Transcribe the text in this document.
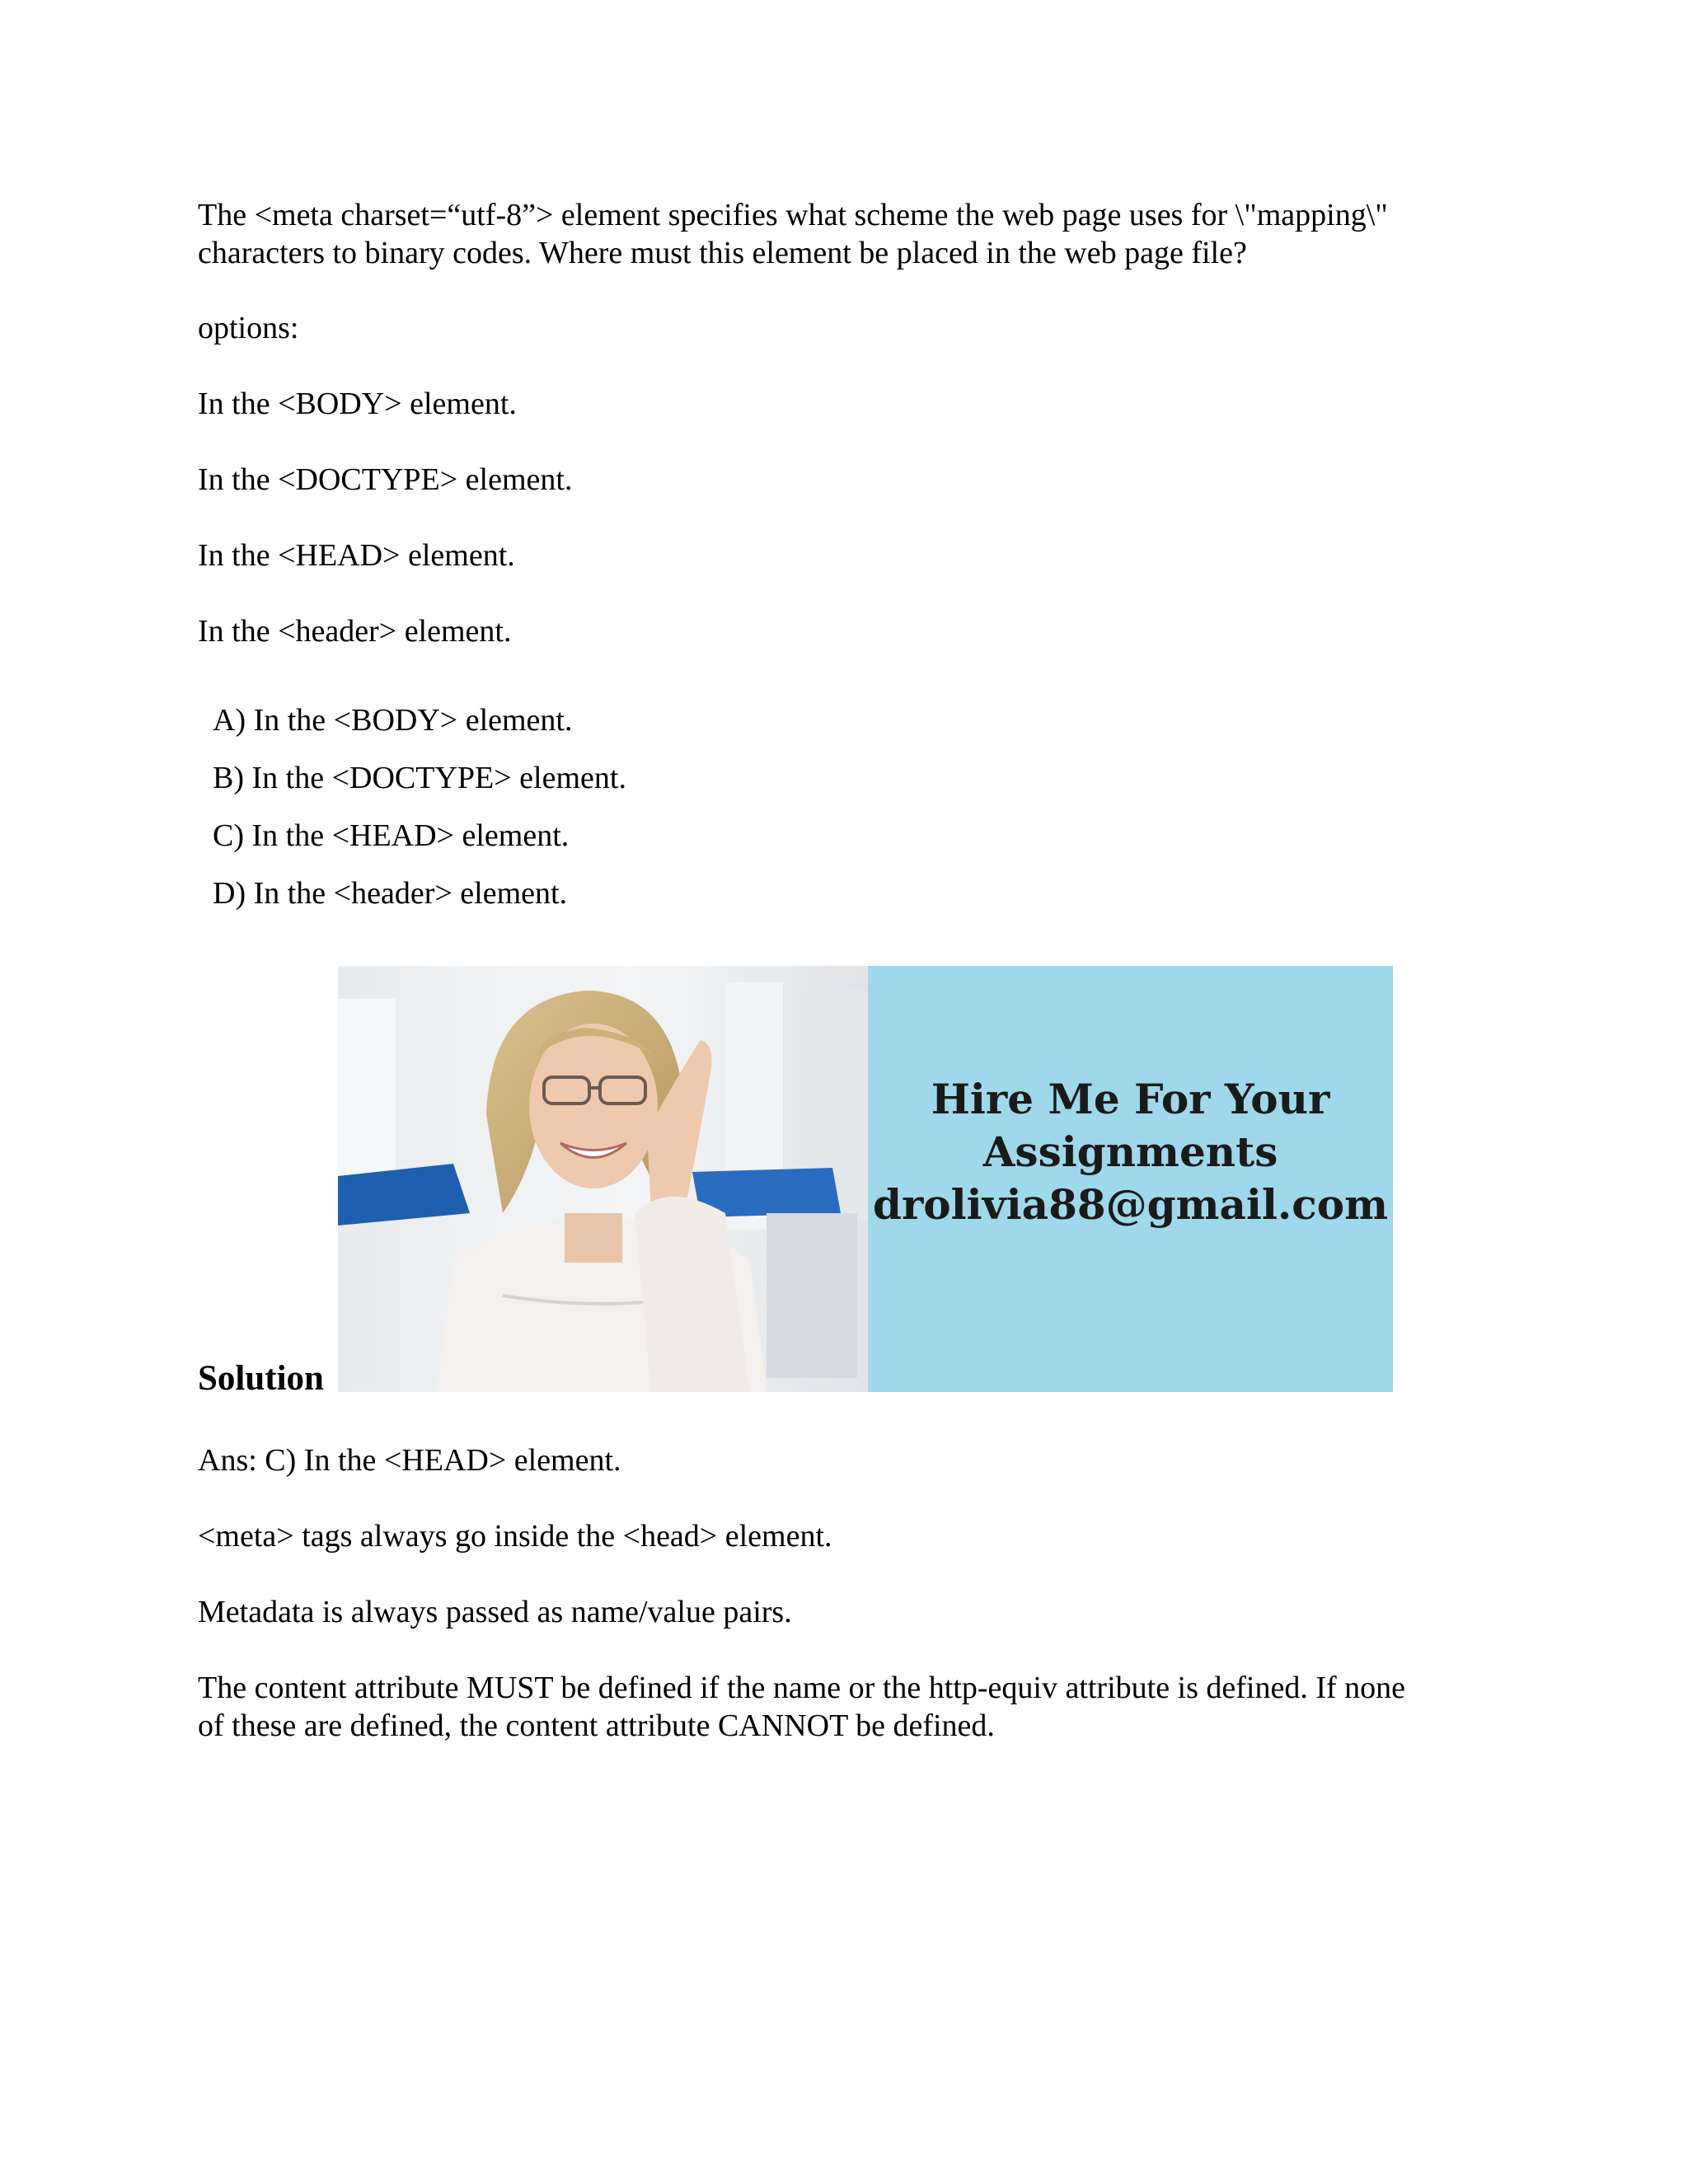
The <meta charset=“utf-8”> element specifies what scheme the web page uses for \"mapping\"
characters to binary codes. Where must this element be placed in the web page file?
options:
In the <BODY> element.
In the <DOCTYPE> element.
In the <HEAD> element.
In the <header> element.
A) In the <BODY> element.
B) In the <DOCTYPE> element.
C) In the <HEAD> element.
D) In the <header> element.
Solution
Hire Me For Your
Assignments
drolivia88@gmail.com
Ans: C) In the <HEAD> element.
<meta> tags always go inside the <head> element.
Metadata is always passed as name/value pairs.
The content attribute MUST be defined if the name or the http-equiv attribute is defined. If none
of these are defined, the content attribute CANNOT be defined.
